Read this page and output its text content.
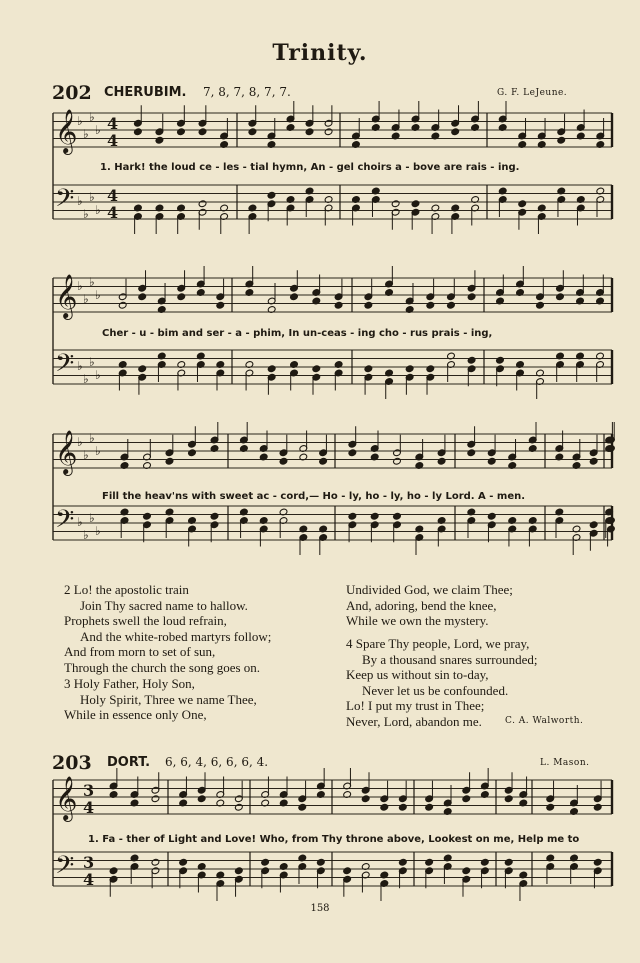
Trinity.
202 CHERUBIM. 7, 8, 7, 8, 7, 7.	G. F. LeJeune.
𝄞 ♭
♭
♭
♭ 4
4
𝄢 ♭
♭
♭
♭
4
4
1. Hark! the loud ce - les - tial hymn, An - gel choirs a - bove are rais - ing.
𝄞 ♭
♭
♭
♭
𝄢 ♭
♭
♭
♭
Cher - u - bim and ser - a - phim, In un-ceas - ing cho - rus prais - ing,
𝄞 ♭
♭
♭
♭
𝄢 ♭
♭
♭
♭
Fill the heav'ns with sweet ac - cord,— Ho - ly, ho - ly, ho - ly Lord. A - men.
2 Lo! the apostolic train
Join Thy sacred name to hallow.
Prophets swell the loud refrain,
And the white-robed martyrs follow;
And from morn to set of sun,
Through the church the song goes on.
3 Holy Father, Holy Son,
Holy Spirit, Three we name Thee,
While in essence only One,
Undivided God, we claim Thee;
And, adoring, bend the knee,
While we own the mystery.
4 Spare Thy people, Lord, we pray,
By a thousand snares surrounded;
Keep us without sin to-day,
Never let us be confounded.
Lo! I put my trust in Thee;
Never, Lord, abandon me.	C. A. Walworth.
203 DORT. 6, 6, 4, 6, 6, 6, 4.	L. Mason.
𝄞 3
4
𝄢 3
4
1. Fa - ther of Light and Love! Who, from Thy throne above, Lookest on me, Help me to
158
